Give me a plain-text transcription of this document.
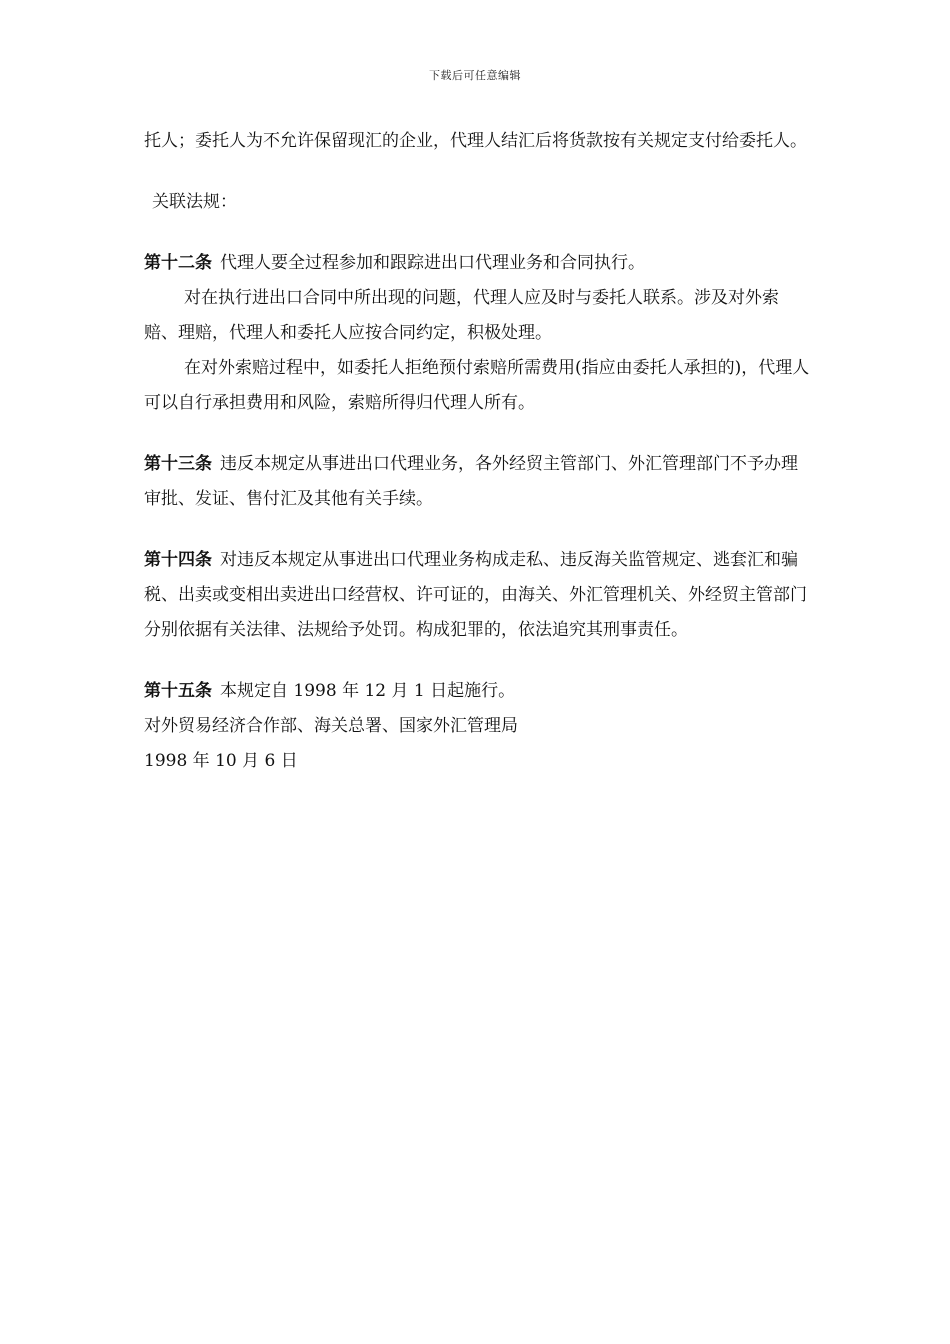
下载后可任意编辑

托人；委托人为不允许保留现汇的企业，代理人结汇后将货款按有关规定支付给委托人。

关联法规：

第十二条 代理人要全过程参加和跟踪进出口代理业务和合同执行。

对在执行进出口合同中所出现的问题，代理人应及时与委托人联系。涉及对外索赔、理赔，代理人和委托人应按合同约定，积极处理。

在对外索赔过程中，如委托人拒绝预付索赔所需费用(指应由委托人承担的)，代理人可以自行承担费用和风险，索赔所得归代理人所有。

第十三条 违反本规定从事进出口代理业务，各外经贸主管部门、外汇管理部门不予办理审批、发证、售付汇及其他有关手续。

第十四条 对违反本规定从事进出口代理业务构成走私、违反海关监管规定、逃套汇和骗税、出卖或变相出卖进出口经营权、许可证的，由海关、外汇管理机关、外经贸主管部门分别依据有关法律、法规给予处罚。构成犯罪的，依法追究其刑事责任。

第十五条 本规定自 1998 年 12 月 1 日起施行。

对外贸易经济合作部、海关总署、国家外汇管理局

1998 年 10 月 6 日
